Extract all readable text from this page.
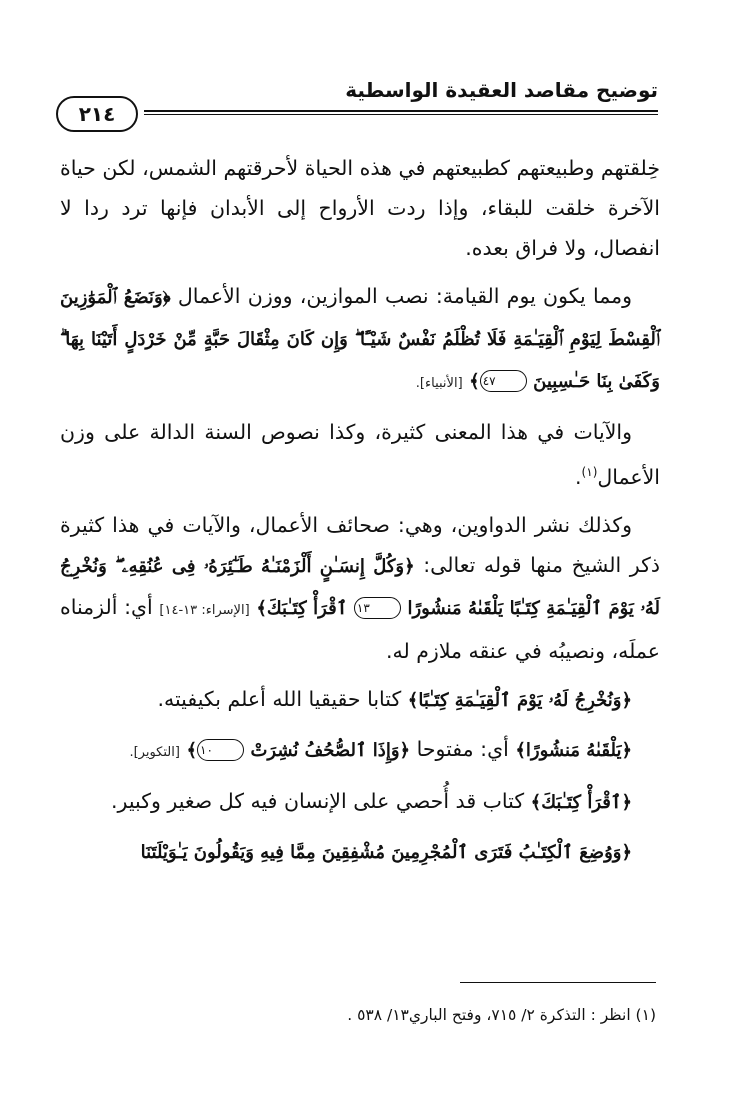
توضيح مقاصد العقيدة الواسطية
٢١٤

خِلقتهم وطبيعتهم كطبيعتهم في هذه الحياة لأحرقتهم الشمس، لكن حياة الآخرة خلقت للبقاء، وإذا ردت الأرواح إلى الأبدان فإنها ترد ردا لا انفصال، ولا فراق بعده.

ومما يكون يوم القيامة: نصب الموازين، ووزن الأعمال ﴿وَنَضَعُ ٱلْمَوَٰزِينَ ٱلْقِسْطَ لِيَوْمِ ٱلْقِيَـٰمَةِ فَلَا تُظْلَمُ نَفْسٌ شَيْـًٔا ۖ وَإِن كَانَ مِثْقَالَ حَبَّةٍ مِّنْ خَرْدَلٍ أَتَيْنَا بِهَا ۗ وَكَفَىٰ بِنَا حَـٰسِبِينَ ٤٧﴾ [الأنبياء].

والآيات في هذا المعنى كثيرة، وكذا نصوص السنة الدالة على وزن الأعمال$^{(١)}$.

وكذلك نشر الدواوين، وهي: صحائف الأعمال، والآيات في هذا كثيرة ذكر الشيخ منها قوله تعالى: ﴿وَكُلَّ إِنسَـٰنٍ أَلْزَمْنَـٰهُ طَـٰٓئِرَهُۥ فِى عُنُقِهِۦ ۖ وَنُخْرِجُ لَهُۥ يَوْمَ ٱلْقِيَـٰمَةِ كِتَـٰبًا يَلْقَىٰهُ مَنشُورًا ١٣ ٱقْرَأْ كِتَـٰبَكَ﴾ [الإسراء: ١٣-١٤] أي: ألزمناه عملَه، ونصيبُه في عنقه ملازم له.

﴿وَنُخْرِجُ لَهُۥ يَوْمَ ٱلْقِيَـٰمَةِ كِتَـٰبًا﴾ كتابا حقيقيا الله أعلم بكيفيته.

﴿يَلْقَىٰهُ مَنشُورًا﴾ أي: مفتوحا ﴿وَإِذَا ٱلصُّحُفُ نُشِرَتْ ١٠﴾ [التكوير].

﴿ٱقْرَأْ كِتَـٰبَكَ﴾ كتاب قد أُحصي على الإنسان فيه كل صغير وكبير.

﴿وَوُضِعَ ٱلْكِتَـٰبُ فَتَرَى ٱلْمُجْرِمِينَ مُشْفِقِينَ مِمَّا فِيهِ وَيَقُولُونَ يَـٰوَيْلَتَنَا

(١) انظر : التذكرة ٢/ ٧١٥، وفتح الباري١٣/ ٥٣٨ .
